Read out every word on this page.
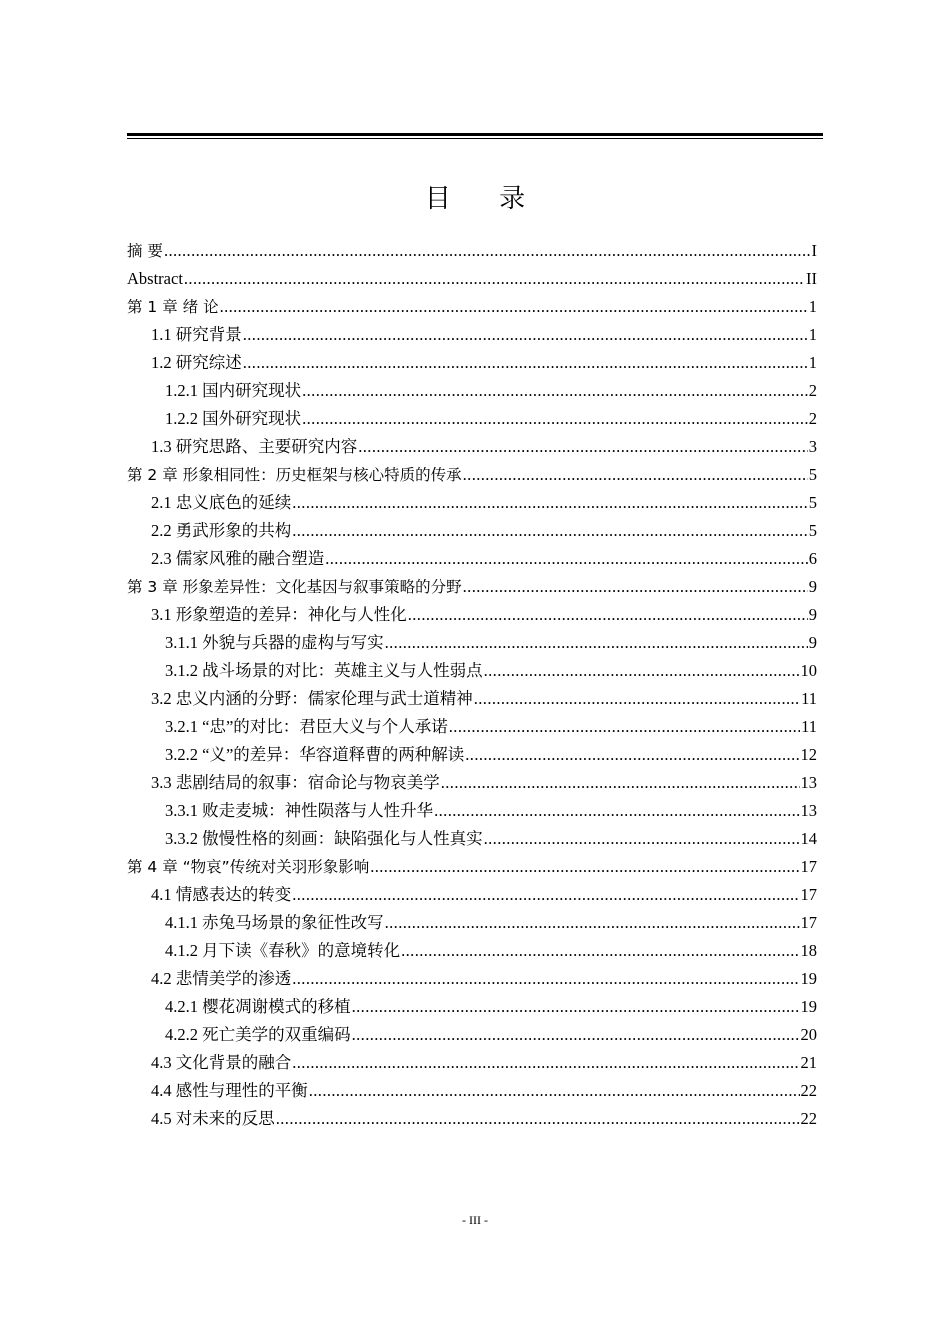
目 录
摘 要 .....	I
Abstract .....	II
第 1 章 绪 论 .....	1
1.1 研究背景 .....	1
1.2 研究综述 .....	1
1.2.1 国内研究现状 .....	2
1.2.2 国外研究现状 .....	2
1.3 研究思路、主要研究内容 .....	3
第 2 章 形象相同性：历史框架与核心特质的传承 .....	5
2.1 忠义底色的延续 .....	5
2.2 勇武形象的共构 .....	5
2.3 儒家风雅的融合塑造 .....	6
第 3 章 形象差异性：文化基因与叙事策略的分野 .....	9
3.1 形象塑造的差异：神化与人性化 .....	9
3.1.1 外貌与兵器的虚构与写实 .....	9
3.1.2 战斗场景的对比：英雄主义与人性弱点 .....	10
3.2 忠义内涵的分野：儒家伦理与武士道精神 .....	11
3.2.1 “忠”的对比：君臣大义与个人承诺 .....	11
3.2.2 “义”的差异：华容道释曹的两种解读 .....	12
3.3 悲剧结局的叙事：宿命论与物哀美学 .....	13
3.3.1 败走麦城：神性陨落与人性升华 .....	13
3.3.2 傲慢性格的刻画：缺陷强化与人性真实 .....	14
第 4 章 “物哀”传统对关羽形象影响 .....	17
4.1 情感表达的转变 .....	17
4.1.1 赤兔马场景的象征性改写 .....	17
4.1.2 月下读《春秋》的意境转化 .....	18
4.2 悲情美学的渗透 .....	19
4.2.1 樱花凋谢模式的移植 .....	19
4.2.2 死亡美学的双重编码 .....	20
4.3 文化背景的融合 .....	21
4.4 感性与理性的平衡 .....	22
4.5 对未来的反思 .....	22
- III -
